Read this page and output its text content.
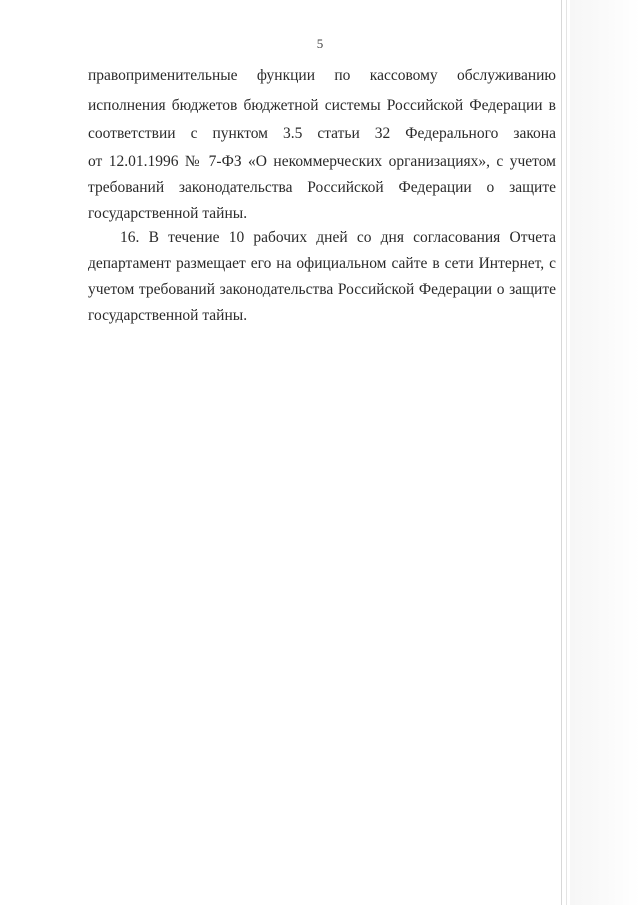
5
правоприменительные функции по кассовому обслуживанию
исполнения бюджетов бюджетной системы Российской Федерации в
соответствии с пунктом 3.5 статьи 32 Федерального закона
от 12.01.1996 № 7-ФЗ «О некоммерческих организациях», с учетом
требований законодательства Российской Федерации о защите
государственной тайны.
16. В течение 10 рабочих дней со дня согласования Отчета
департамент размещает его на официальном сайте в сети Интернет, с
учетом требований законодательства Российской Федерации о защите
государственной тайны.
